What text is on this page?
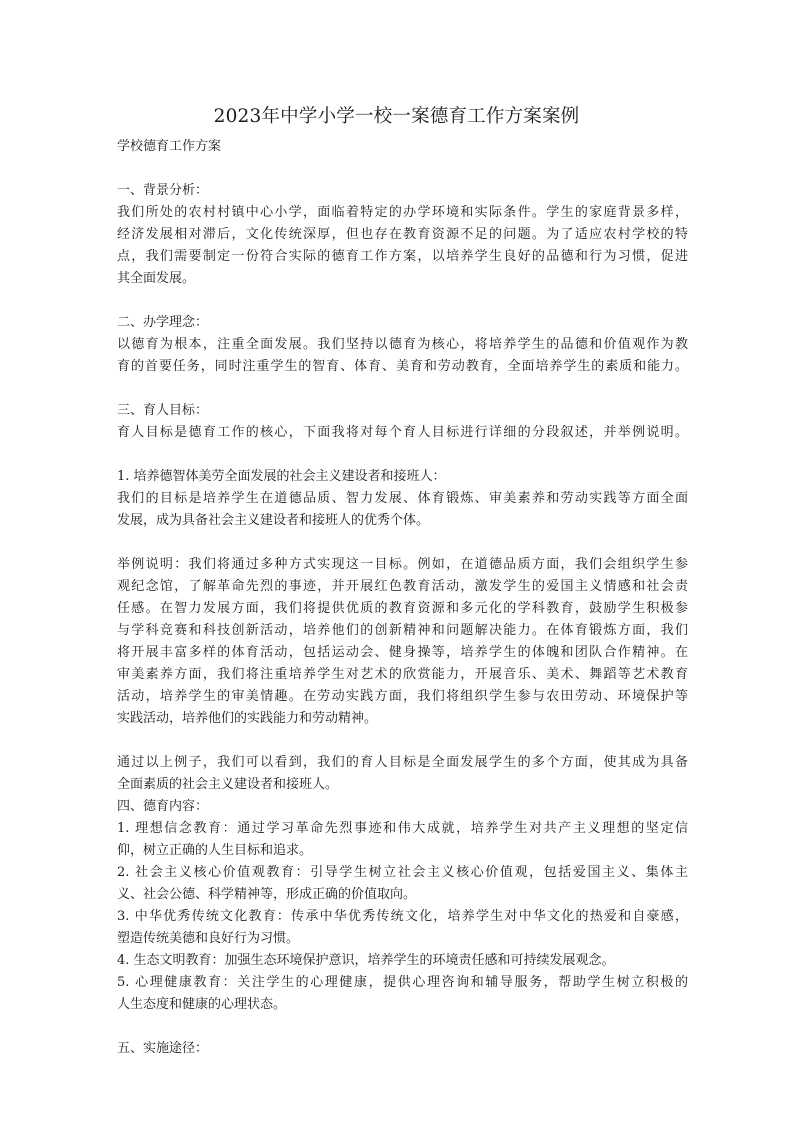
2023年中学小学一校一案德育工作方案案例
学校德育工作方案
一、背景分析：
我们所处的农村村镇中心小学，面临着特定的办学环境和实际条件。学生的家庭背景多样，
经济发展相对滞后，文化传统深厚，但也存在教育资源不足的问题。为了适应农村学校的特
点，我们需要制定一份符合实际的德育工作方案，以培养学生良好的品德和行为习惯，促进
其全面发展。
二、办学理念：
以德育为根本，注重全面发展。我们坚持以德育为核心，将培养学生的品德和价值观作为教
育的首要任务，同时注重学生的智育、体育、美育和劳动教育，全面培养学生的素质和能力。
三、育人目标：
育人目标是德育工作的核心，下面我将对每个育人目标进行详细的分段叙述，并举例说明。
1. 培养德智体美劳全面发展的社会主义建设者和接班人：
我们的目标是培养学生在道德品质、智力发展、体育锻炼、审美素养和劳动实践等方面全面
发展，成为具备社会主义建设者和接班人的优秀个体。
举例说明：我们将通过多种方式实现这一目标。例如，在道德品质方面，我们会组织学生参
观纪念馆，了解革命先烈的事迹，并开展红色教育活动，激发学生的爱国主义情感和社会责
任感。在智力发展方面，我们将提供优质的教育资源和多元化的学科教育，鼓励学生积极参
与学科竞赛和科技创新活动，培养他们的创新精神和问题解决能力。在体育锻炼方面，我们
将开展丰富多样的体育活动，包括运动会、健身操等，培养学生的体魄和团队合作精神。在
审美素养方面，我们将注重培养学生对艺术的欣赏能力，开展音乐、美术、舞蹈等艺术教育
活动，培养学生的审美情趣。在劳动实践方面，我们将组织学生参与农田劳动、环境保护等
实践活动，培养他们的实践能力和劳动精神。
通过以上例子，我们可以看到，我们的育人目标是全面发展学生的多个方面，使其成为具备
全面素质的社会主义建设者和接班人。
四、德育内容：
1. 理想信念教育：通过学习革命先烈事迹和伟大成就，培养学生对共产主义理想的坚定信
仰，树立正确的人生目标和追求。
2. 社会主义核心价值观教育：引导学生树立社会主义核心价值观，包括爱国主义、集体主
义、社会公德、科学精神等，形成正确的价值取向。
3. 中华优秀传统文化教育：传承中华优秀传统文化，培养学生对中华文化的热爱和自豪感，
塑造传统美德和良好行为习惯。
4. 生态文明教育：加强生态环境保护意识，培养学生的环境责任感和可持续发展观念。
5. 心理健康教育：关注学生的心理健康，提供心理咨询和辅导服务，帮助学生树立积极的
人生态度和健康的心理状态。
五、实施途径：
